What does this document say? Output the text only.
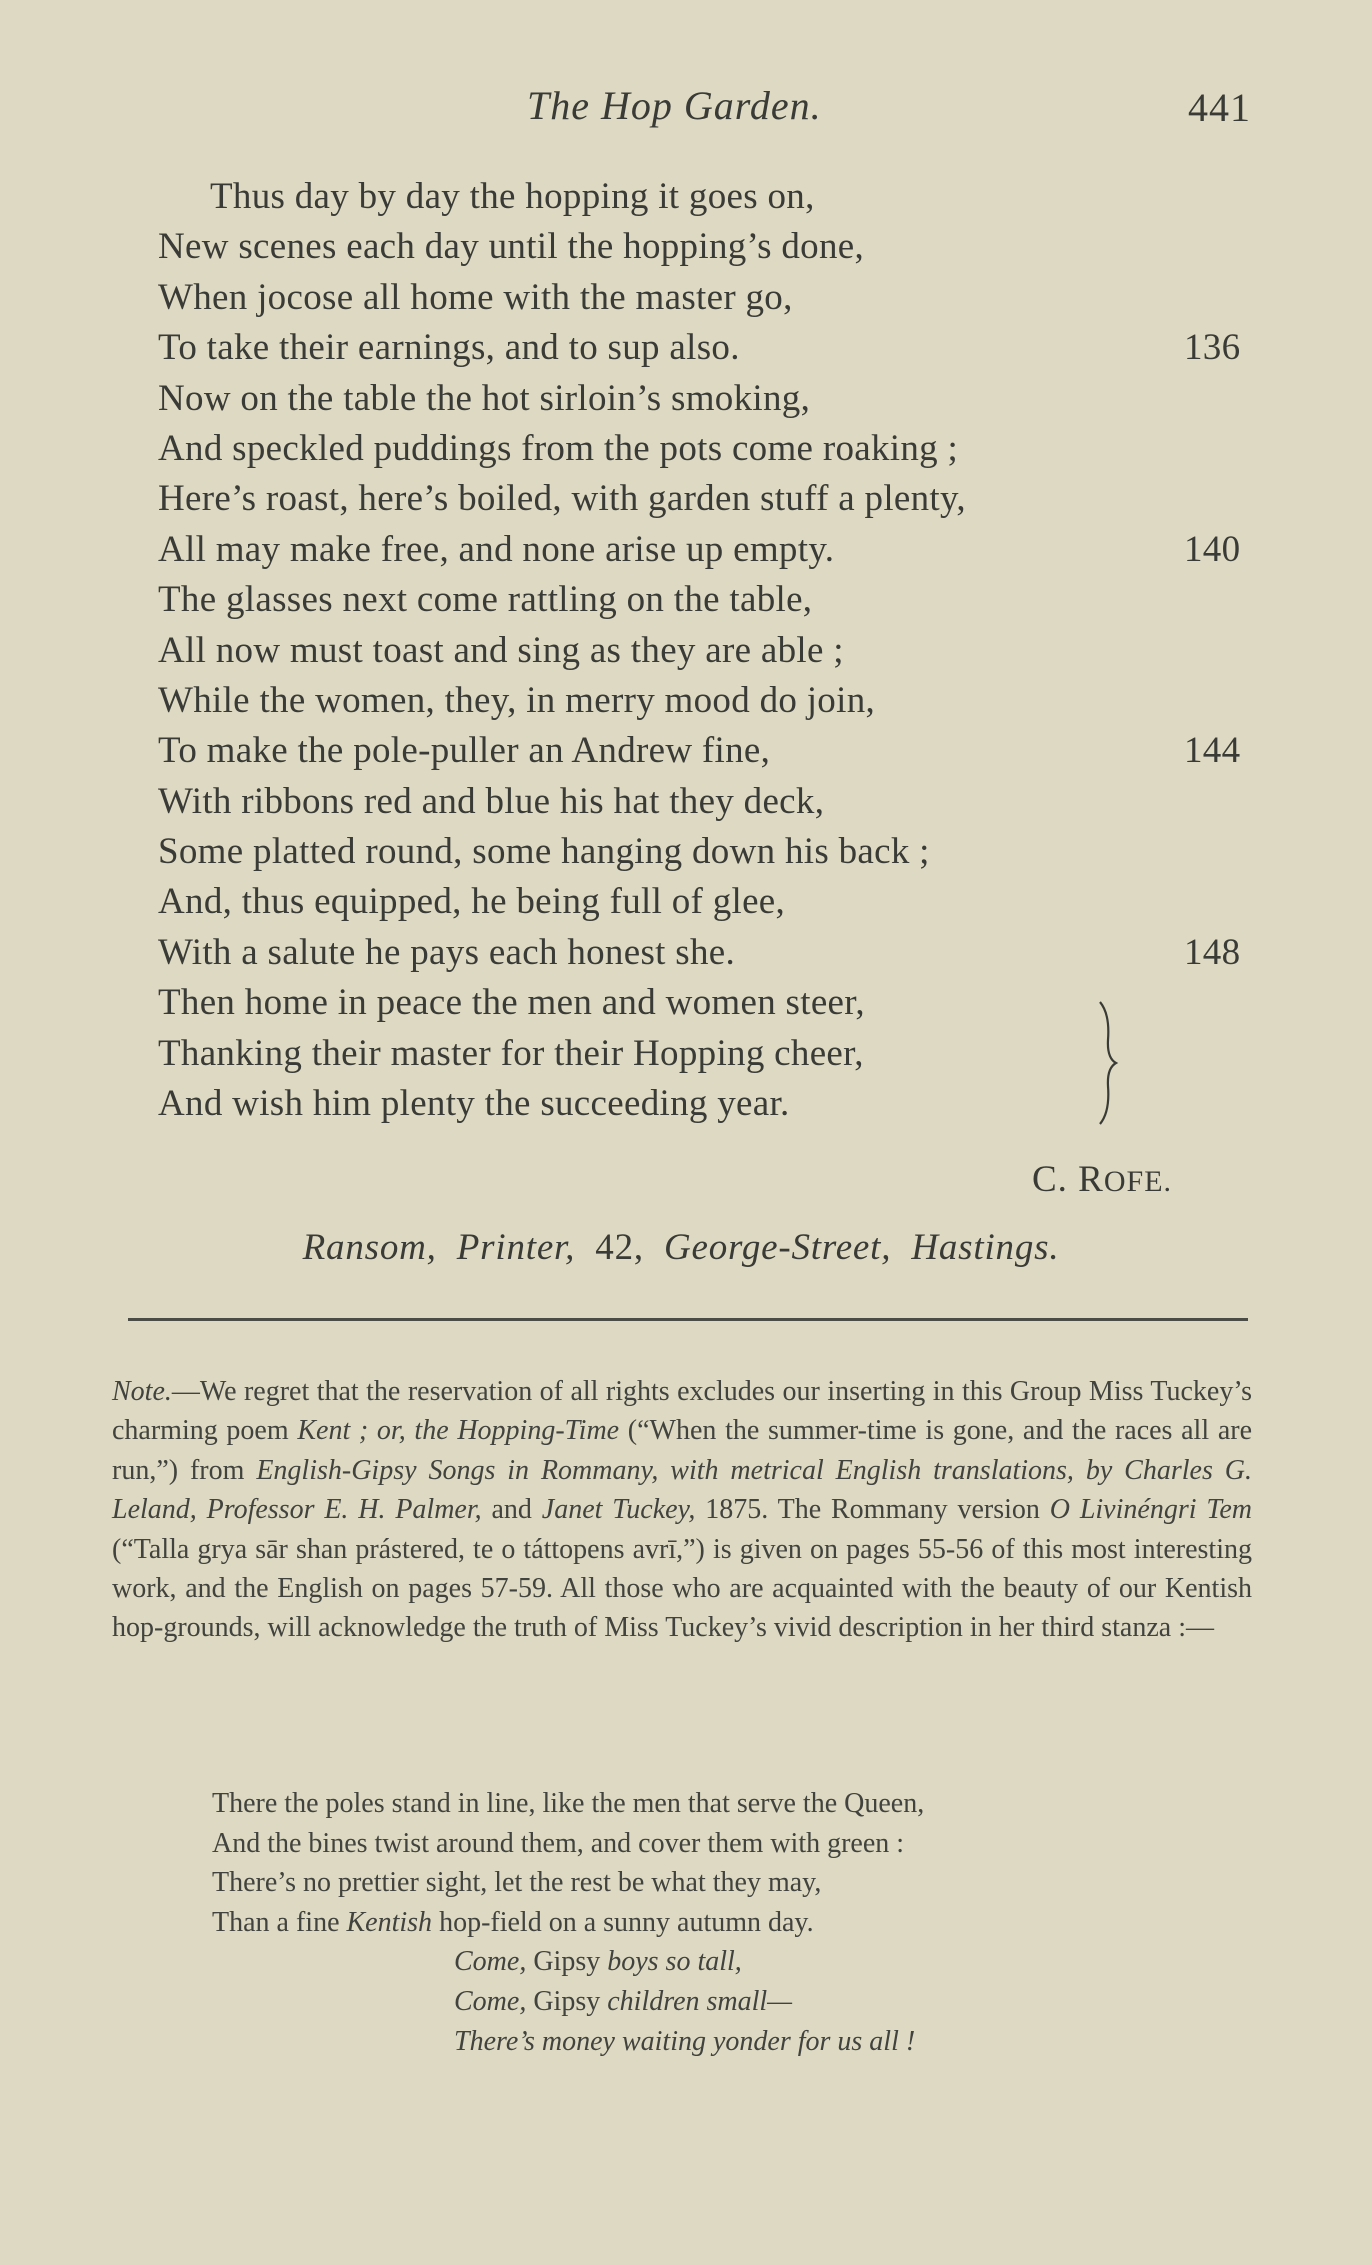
The Hop Garden.	441
Thus day by day the hopping it goes on,
New scenes each day until the hopping’s done,
When jocose all home with the master go,
To take their earnings, and to sup also.	136
Now on the table the hot sirloin’s smoking,
And speckled puddings from the pots come roaking ;
Here’s roast, here’s boiled, with garden stuff a plenty,
All may make free, and none arise up empty.	140
The glasses next come rattling on the table,
All now must toast and sing as they are able ;
While the women, they, in merry mood do join,
To make the pole-puller an Andrew fine,	144
With ribbons red and blue his hat they deck,
Some platted round, some hanging down his back ;
And, thus equipped, he being full of glee,
With a salute he pays each honest she.	148
Then home in peace the men and women steer,
Thanking their master for their Hopping cheer,
And wish him plenty the succeeding year.
C. ROFE.
Ransom, Printer, 42, George-Street, Hastings.
Note.—We regret that the reservation of all rights excludes our inserting in this Group Miss Tuckey’s charming poem Kent ; or, the Hopping-Time (“When the summer-time is gone, and the races all are run,”) from English-Gipsy Songs in Rommany, with metrical English translations, by Charles G. Leland, Professor E. H. Palmer, and Janet Tuckey, 1875. The Rommany version O Livinéngri Tem (“Talla grya sār shan prástered, te o táttopens avrī,”) is given on pages 55-56 of this most interesting work, and the English on pages 57-59. All those who are acquainted with the beauty of our Kentish hop-grounds, will acknowledge the truth of Miss Tuckey’s vivid description in her third stanza :—
There the poles stand in line, like the men that serve the Queen,
And the bines twist around them, and cover them with green :
There’s no prettier sight, let the rest be what they may,
Than a fine Kentish hop-field on a sunny autumn day.
Come, Gipsy boys so tall,
Come, Gipsy children small—
There’s money waiting yonder for us all !
